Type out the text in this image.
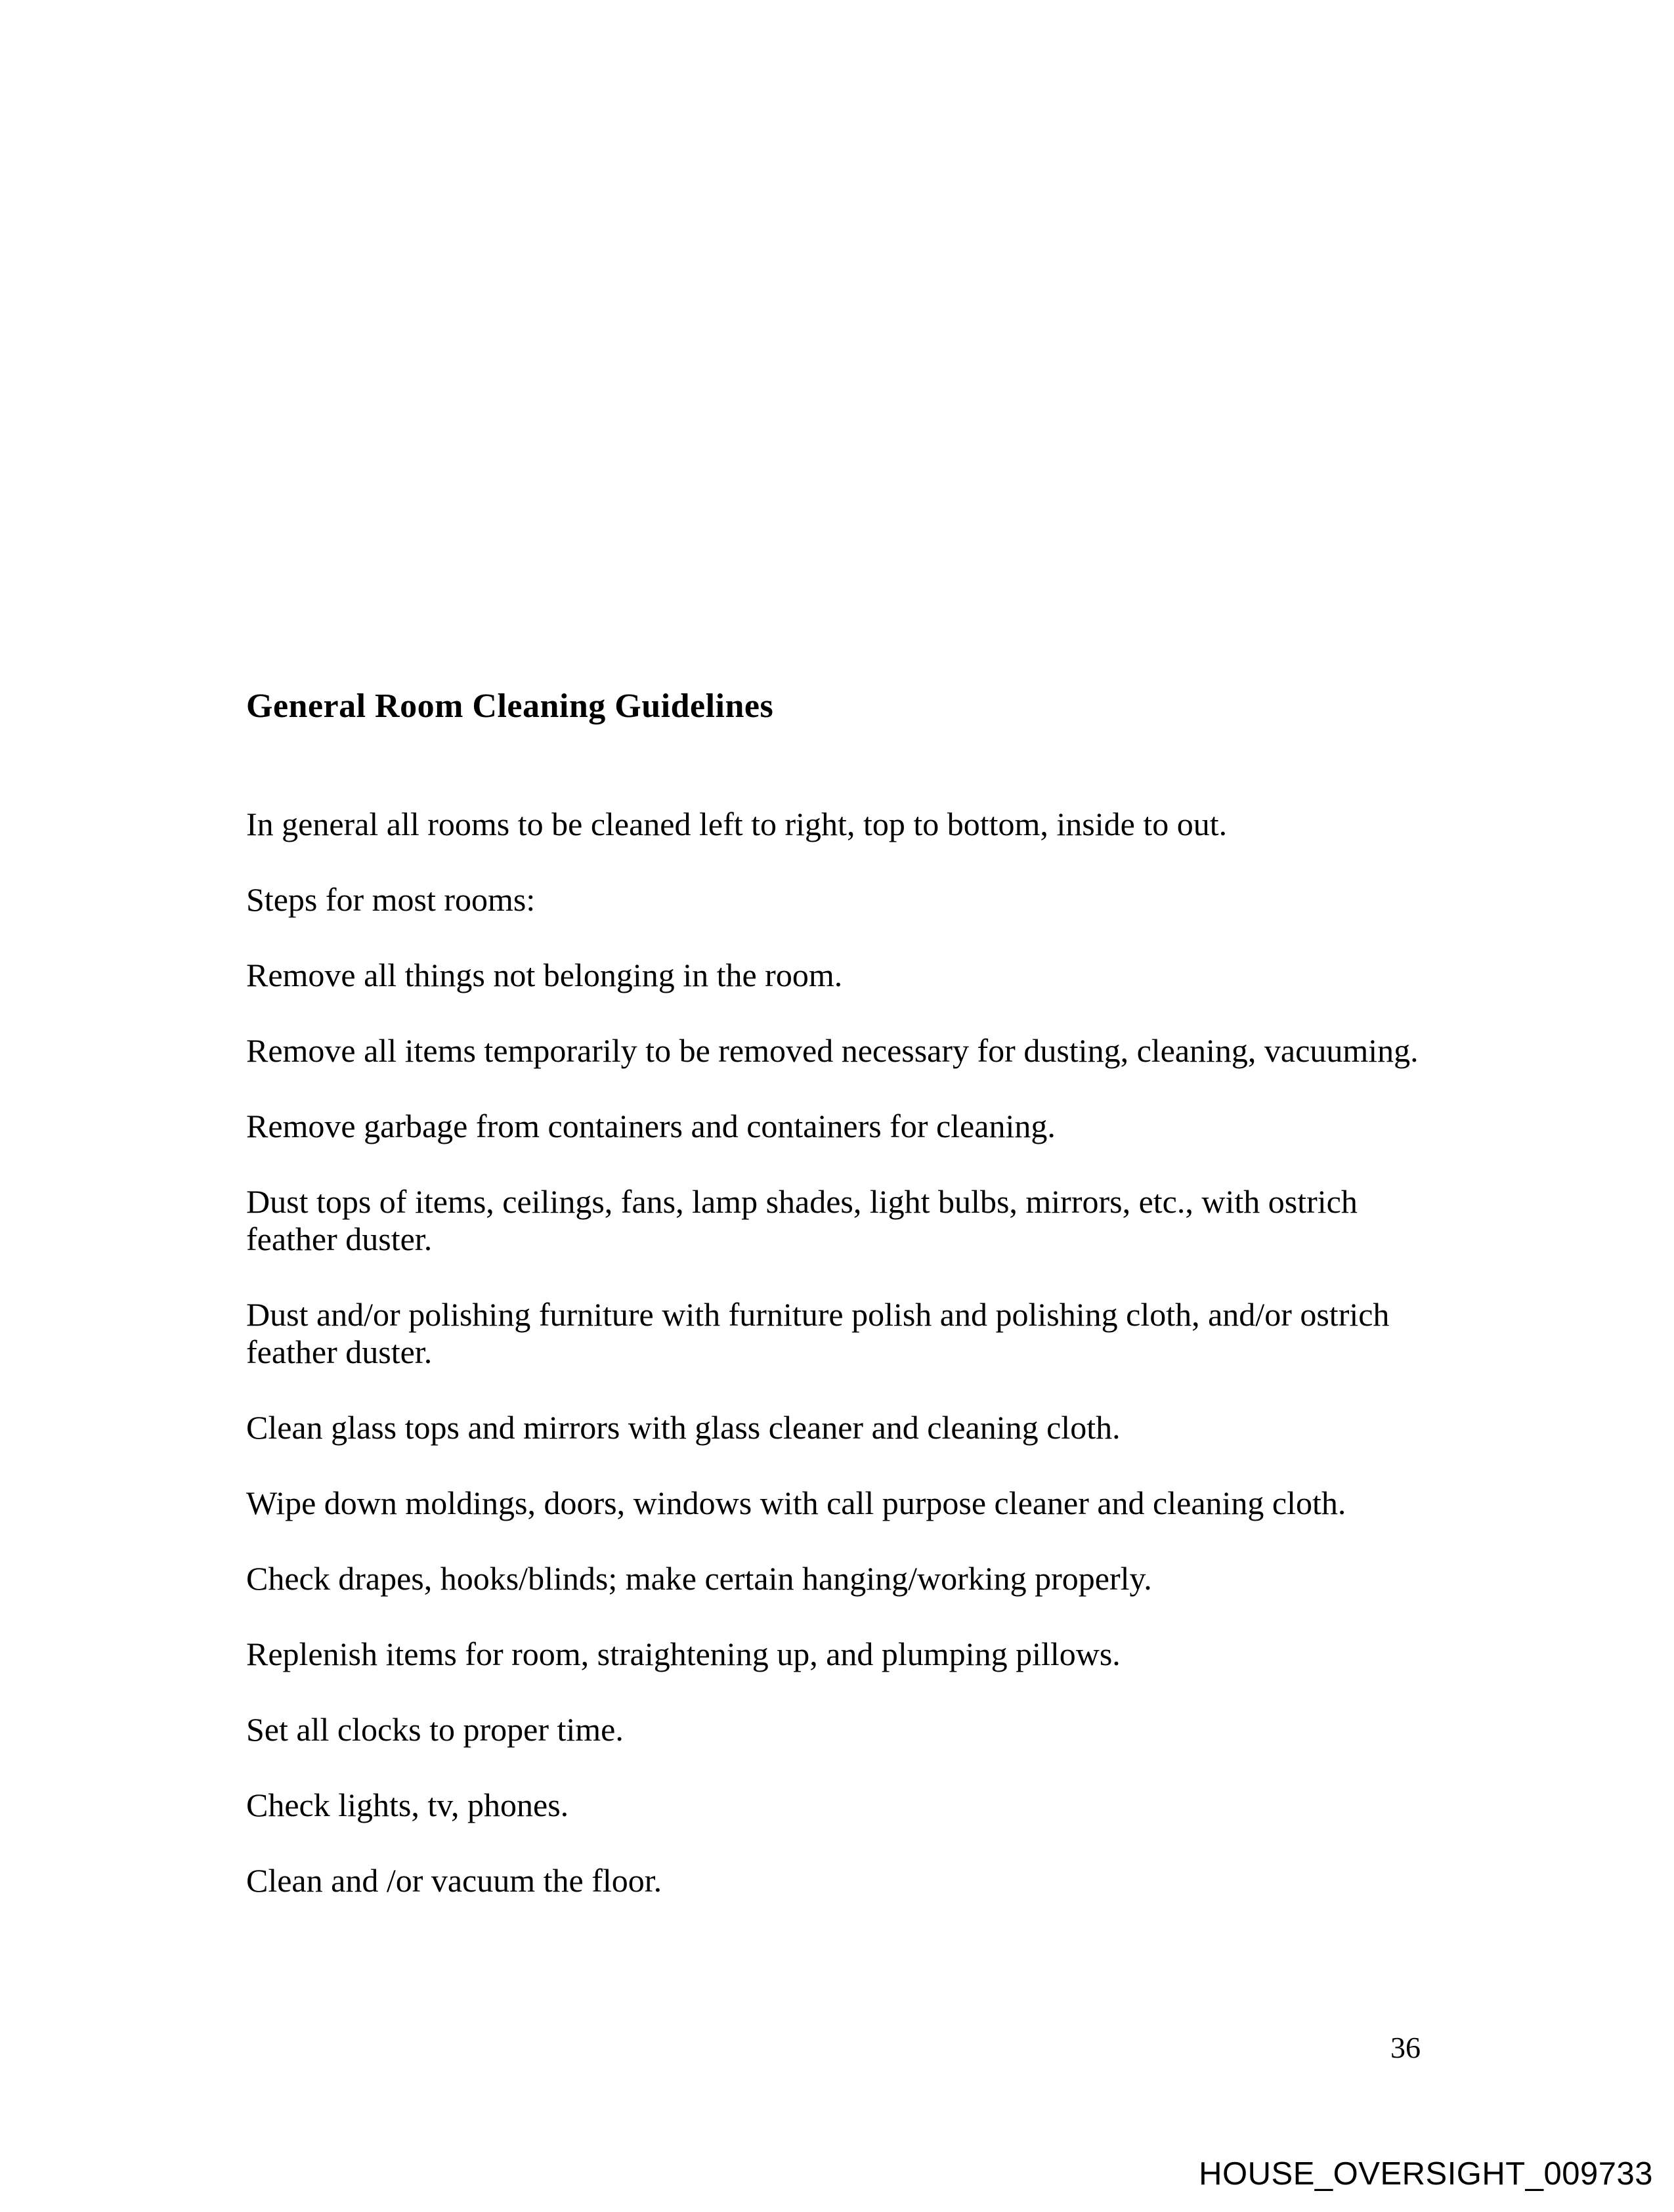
General Room Cleaning Guidelines

In general all rooms to be cleaned left to right, top to bottom, inside to out.

Steps for most rooms:

Remove all things not belonging in the room.

Remove all items temporarily to be removed necessary for dusting, cleaning, vacuuming.

Remove garbage from containers and containers for cleaning.

Dust tops of items, ceilings, fans, lamp shades, light bulbs, mirrors, etc., with ostrich
feather duster.

Dust and/or polishing furniture with furniture polish and polishing cloth, and/or ostrich
feather duster.

Clean glass tops and mirrors with glass cleaner and cleaning cloth.

Wipe down moldings, doors, windows with call purpose cleaner and cleaning cloth.

Check drapes, hooks/blinds; make certain hanging/working properly.

Replenish items for room, straightening up, and plumping pillows.

Set all clocks to proper time.

Check lights, tv, phones.

Clean and /or vacuum the floor.

36
HOUSE_OVERSIGHT_009733
